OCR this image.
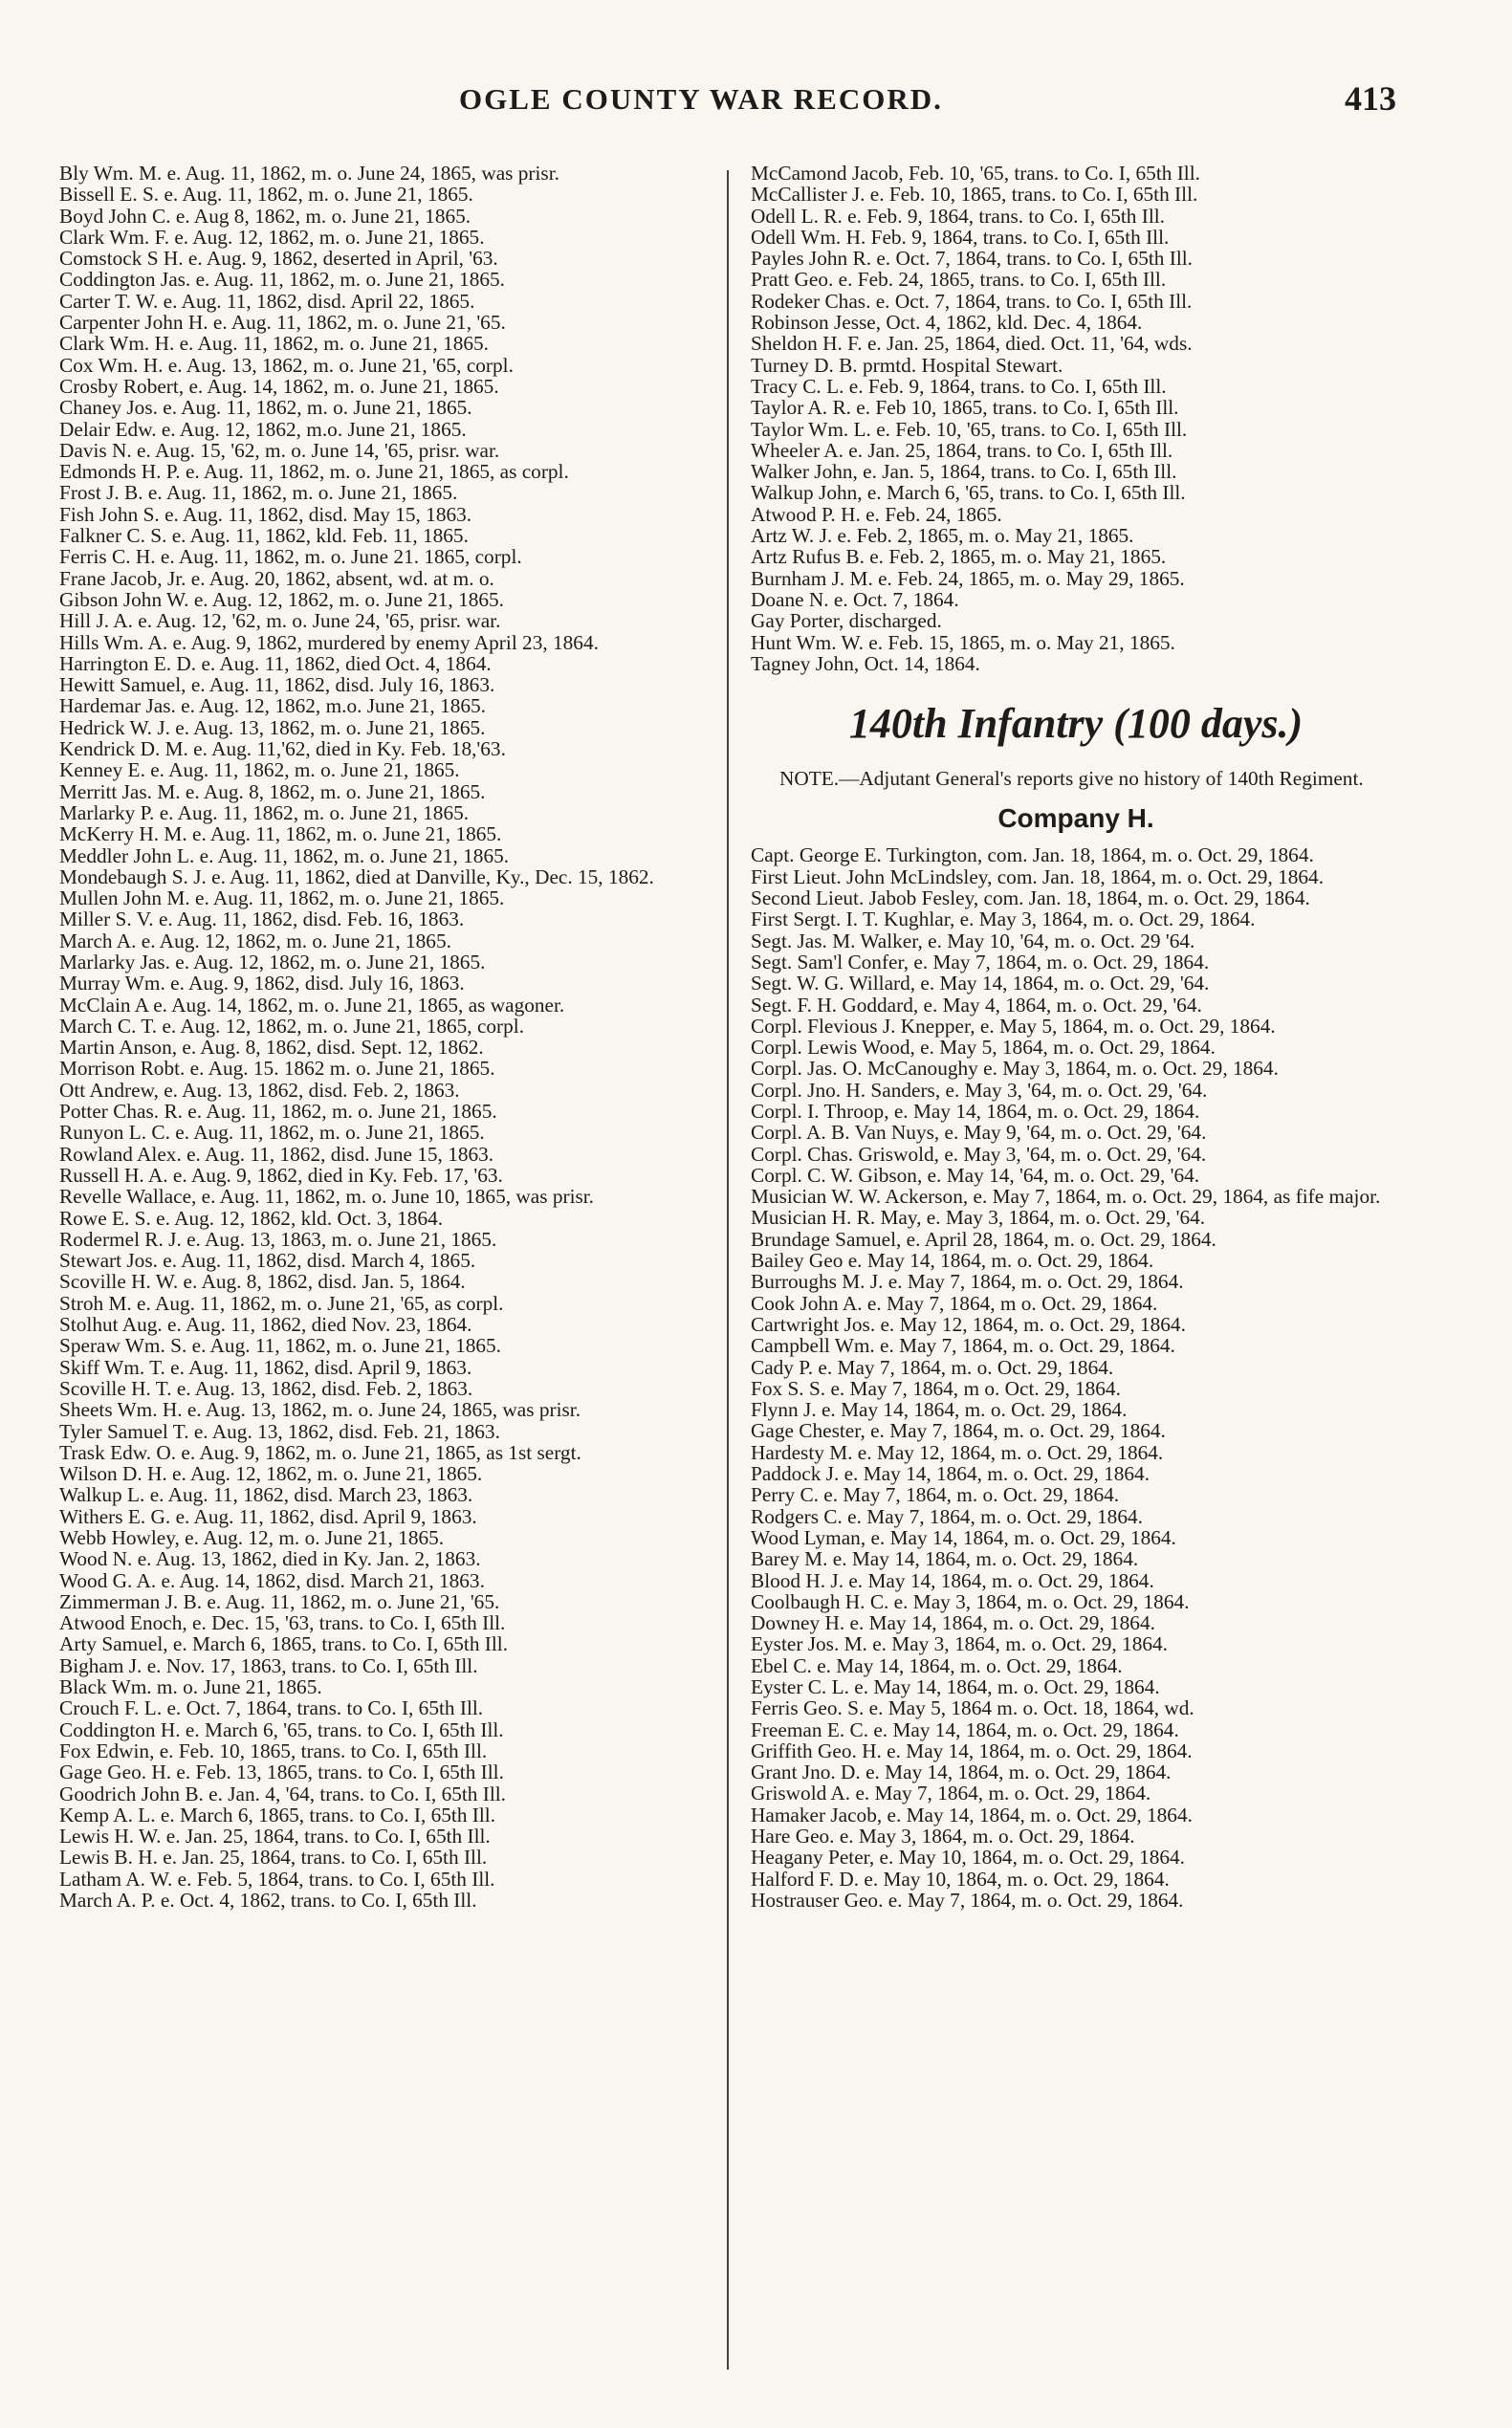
OGLE COUNTY WAR RECORD.	413
Bly Wm. M. e. Aug. 11, 1862, m. o. June 24, 1865, was prisr.
Bissell E. S. e. Aug. 11, 1862, m. o. June 21, 1865.
Boyd John C. e. Aug 8, 1862, m. o. June 21, 1865.
Clark Wm. F. e. Aug. 12, 1862, m. o. June 21, 1865.
Comstock S H. e. Aug. 9, 1862, deserted in April, '63.
Coddington Jas. e. Aug. 11, 1862, m. o. June 21, 1865.
Carter T. W. e. Aug. 11, 1862, disd. April 22, 1865.
Carpenter John H. e. Aug. 11, 1862, m. o. June 21, '65.
Clark Wm. H. e. Aug. 11, 1862, m. o. June 21, 1865.
Cox Wm. H. e. Aug. 13, 1862, m. o. June 21, '65, corpl.
Crosby Robert, e. Aug. 14, 1862, m. o. June 21, 1865.
Chaney Jos. e. Aug. 11, 1862, m. o. June 21, 1865.
Delair Edw. e. Aug. 12, 1862, m.o. June 21, 1865.
Davis N. e. Aug. 15, '62, m. o. June 14, '65, prisr. war.
Edmonds H. P. e. Aug. 11, 1862, m. o. June 21, 1865, as corpl.
Frost J. B. e. Aug. 11, 1862, m. o. June 21, 1865.
Fish John S. e. Aug. 11, 1862, disd. May 15, 1863.
Falkner C. S. e. Aug. 11, 1862, kld. Feb. 11, 1865.
Ferris C. H. e. Aug. 11, 1862, m. o. June 21. 1865, corpl.
Frane Jacob, Jr. e. Aug. 20, 1862, absent, wd. at m. o.
Gibson John W. e. Aug. 12, 1862, m. o. June 21, 1865.
Hill J. A. e. Aug. 12, '62, m. o. June 24, '65, prisr. war.
Hills Wm. A. e. Aug. 9, 1862, murdered by enemy April 23, 1864.
Harrington E. D. e. Aug. 11, 1862, died Oct. 4, 1864.
Hewitt Samuel, e. Aug. 11, 1862, disd. July 16, 1863.
Hardemar Jas. e. Aug. 12, 1862, m.o. June 21, 1865.
Hedrick W. J. e. Aug. 13, 1862, m. o. June 21, 1865.
Kendrick D. M. e. Aug. 11,'62, died in Ky. Feb. 18,'63.
Kenney E. e. Aug. 11, 1862, m. o. June 21, 1865.
Merritt Jas. M. e. Aug. 8, 1862, m. o. June 21, 1865.
Marlarky P. e. Aug. 11, 1862, m. o. June 21, 1865.
McKerry H. M. e. Aug. 11, 1862, m. o. June 21, 1865.
Meddler John L. e. Aug. 11, 1862, m. o. June 21, 1865.
Mondebaugh S. J. e. Aug. 11, 1862, died at Danville, Ky., Dec. 15, 1862.
Mullen John M. e. Aug. 11, 1862, m. o. June 21, 1865.
Miller S. V. e. Aug. 11, 1862, disd. Feb. 16, 1863.
March A. e. Aug. 12, 1862, m. o. June 21, 1865.
Marlarky Jas. e. Aug. 12, 1862, m. o. June 21, 1865.
Murray Wm. e. Aug. 9, 1862, disd. July 16, 1863.
McClain A e. Aug. 14, 1862, m. o. June 21, 1865, as wagoner.
March C. T. e. Aug. 12, 1862, m. o. June 21, 1865, corpl.
Martin Anson, e. Aug. 8, 1862, disd. Sept. 12, 1862.
Morrison Robt. e. Aug. 15. 1862 m. o. June 21, 1865.
Ott Andrew, e. Aug. 13, 1862, disd. Feb. 2, 1863.
Potter Chas. R. e. Aug. 11, 1862, m. o. June 21, 1865.
Runyon L. C. e. Aug. 11, 1862, m. o. June 21, 1865.
Rowland Alex. e. Aug. 11, 1862, disd. June 15, 1863.
Russell H. A. e. Aug. 9, 1862, died in Ky. Feb. 17, '63.
Revelle Wallace, e. Aug. 11, 1862, m. o. June 10, 1865, was prisr.
Rowe E. S. e. Aug. 12, 1862, kld. Oct. 3, 1864.
Rodermel R. J. e. Aug. 13, 1863, m. o. June 21, 1865.
Stewart Jos. e. Aug. 11, 1862, disd. March 4, 1865.
Scoville H. W. e. Aug. 8, 1862, disd. Jan. 5, 1864.
Stroh M. e. Aug. 11, 1862, m. o. June 21, '65, as corpl.
Stolhut Aug. e. Aug. 11, 1862, died Nov. 23, 1864.
Speraw Wm. S. e. Aug. 11, 1862, m. o. June 21, 1865.
Skiff Wm. T. e. Aug. 11, 1862, disd. April 9, 1863.
Scoville H. T. e. Aug. 13, 1862, disd. Feb. 2, 1863.
Sheets Wm. H. e. Aug. 13, 1862, m. o. June 24, 1865, was prisr.
Tyler Samuel T. e. Aug. 13, 1862, disd. Feb. 21, 1863.
Trask Edw. O. e. Aug. 9, 1862, m. o. June 21, 1865, as 1st sergt.
Wilson D. H. e. Aug. 12, 1862, m. o. June 21, 1865.
Walkup L. e. Aug. 11, 1862, disd. March 23, 1863.
Withers E. G. e. Aug. 11, 1862, disd. April 9, 1863.
Webb Howley, e. Aug. 12, m. o. June 21, 1865.
Wood N. e. Aug. 13, 1862, died in Ky. Jan. 2, 1863.
Wood G. A. e. Aug. 14, 1862, disd. March 21, 1863.
Zimmerman J. B. e. Aug. 11, 1862, m. o. June 21, '65.
Atwood Enoch, e. Dec. 15, '63, trans. to Co. I, 65th Ill.
Arty Samuel, e. March 6, 1865, trans. to Co. I, 65th Ill.
Bigham J. e. Nov. 17, 1863, trans. to Co. I, 65th Ill.
Black Wm. m. o. June 21, 1865.
Crouch F. L. e. Oct. 7, 1864, trans. to Co. I, 65th Ill.
Coddington H. e. March 6, '65, trans. to Co. I, 65th Ill.
Fox Edwin, e. Feb. 10, 1865, trans. to Co. I, 65th Ill.
Gage Geo. H. e. Feb. 13, 1865, trans. to Co. I, 65th Ill.
Goodrich John B. e. Jan. 4, '64, trans. to Co. I, 65th Ill.
Kemp A. L. e. March 6, 1865, trans. to Co. I, 65th Ill.
Lewis H. W. e. Jan. 25, 1864, trans. to Co. I, 65th Ill.
Lewis B. H. e. Jan. 25, 1864, trans. to Co. I, 65th Ill.
Latham A. W. e. Feb. 5, 1864, trans. to Co. I, 65th Ill.
March A. P. e. Oct. 4, 1862, trans. to Co. I, 65th Ill.
McCamond Jacob, Feb. 10, '65, trans. to Co. I, 65th Ill.
McCallister J. e. Feb. 10, 1865, trans. to Co. I, 65th Ill.
Odell L. R. e. Feb. 9, 1864, trans. to Co. I, 65th Ill.
Odell Wm. H. Feb. 9, 1864, trans. to Co. I, 65th Ill.
Payles John R. e. Oct. 7, 1864, trans. to Co. I, 65th Ill.
Pratt Geo. e. Feb. 24, 1865, trans. to Co. I, 65th Ill.
Rodeker Chas. e. Oct. 7, 1864, trans. to Co. I, 65th Ill.
Robinson Jesse, Oct. 4, 1862, kld. Dec. 4, 1864.
Sheldon H. F. e. Jan. 25, 1864, died. Oct. 11, '64, wds.
Turney D. B. prmtd. Hospital Stewart.
Tracy C. L. e. Feb. 9, 1864, trans. to Co. I, 65th Ill.
Taylor A. R. e. Feb 10, 1865, trans. to Co. I, 65th Ill.
Taylor Wm. L. e. Feb. 10, '65, trans. to Co. I, 65th Ill.
Wheeler A. e. Jan. 25, 1864, trans. to Co. I, 65th Ill.
Walker John, e. Jan. 5, 1864, trans. to Co. I, 65th Ill.
Walkup John, e. March 6, '65, trans. to Co. I, 65th Ill.
Atwood P. H. e. Feb. 24, 1865.
Artz W. J. e. Feb. 2, 1865, m. o. May 21, 1865.
Artz Rufus B. e. Feb. 2, 1865, m. o. May 21, 1865.
Burnham J. M. e. Feb. 24, 1865, m. o. May 29, 1865.
Doane N. e. Oct. 7, 1864.
Gay Porter, discharged.
Hunt Wm. W. e. Feb. 15, 1865, m. o. May 21, 1865.
Tagney John, Oct. 14, 1864.
140th Infantry (100 days.)
NOTE.—Adjutant General's reports give no history of 140th Regiment.
Company H.
Capt. George E. Turkington, com. Jan. 18, 1864, m. o. Oct. 29, 1864.
First Lieut. John McLindsley, com. Jan. 18, 1864, m. o. Oct. 29, 1864.
Second Lieut. Jabob Fesley, com. Jan. 18, 1864, m. o. Oct. 29, 1864.
First Sergt. I. T. Kughlar, e. May 3, 1864, m. o. Oct. 29, 1864.
Segt. Jas. M. Walker, e. May 10, '64, m. o. Oct. 29 '64.
Segt. Sam'l Confer, e. May 7, 1864, m. o. Oct. 29, 1864.
Segt. W. G. Willard, e. May 14, 1864, m. o. Oct. 29, '64.
Segt. F. H. Goddard, e. May 4, 1864, m. o. Oct. 29, '64.
Corpl. Flevious J. Knepper, e. May 5, 1864, m. o. Oct. 29, 1864.
Corpl. Lewis Wood, e. May 5, 1864, m. o. Oct. 29, 1864.
Corpl. Jas. O. McCanoughy e. May 3, 1864, m. o. Oct. 29, 1864.
Corpl. Jno. H. Sanders, e. May 3, '64, m. o. Oct. 29, '64.
Corpl. I. Throop, e. May 14, 1864, m. o. Oct. 29, 1864.
Corpl. A. B. Van Nuys, e. May 9, '64, m. o. Oct. 29, '64.
Corpl. Chas. Griswold, e. May 3, '64, m. o. Oct. 29, '64.
Corpl. C. W. Gibson, e. May 14, '64, m. o. Oct. 29, '64.
Musician W. W. Ackerson, e. May 7, 1864, m. o. Oct. 29, 1864, as fife major.
Musician H. R. May, e. May 3, 1864, m. o. Oct. 29, '64.
Brundage Samuel, e. April 28, 1864, m. o. Oct. 29, 1864.
Bailey Geo e. May 14, 1864, m. o. Oct. 29, 1864.
Burroughs M. J. e. May 7, 1864, m. o. Oct. 29, 1864.
Cook John A. e. May 7, 1864, m o. Oct. 29, 1864.
Cartwright Jos. e. May 12, 1864, m. o. Oct. 29, 1864.
Campbell Wm. e. May 7, 1864, m. o. Oct. 29, 1864.
Cady P. e. May 7, 1864, m. o. Oct. 29, 1864.
Fox S. S. e. May 7, 1864, m o. Oct. 29, 1864.
Flynn J. e. May 14, 1864, m. o. Oct. 29, 1864.
Gage Chester, e. May 7, 1864, m. o. Oct. 29, 1864.
Hardesty M. e. May 12, 1864, m. o. Oct. 29, 1864.
Paddock J. e. May 14, 1864, m. o. Oct. 29, 1864.
Perry C. e. May 7, 1864, m. o. Oct. 29, 1864.
Rodgers C. e. May 7, 1864, m. o. Oct. 29, 1864.
Wood Lyman, e. May 14, 1864, m. o. Oct. 29, 1864.
Barey M. e. May 14, 1864, m. o. Oct. 29, 1864.
Blood H. J. e. May 14, 1864, m. o. Oct. 29, 1864.
Coolbaugh H. C. e. May 3, 1864, m. o. Oct. 29, 1864.
Downey H. e. May 14, 1864, m. o. Oct. 29, 1864.
Eyster Jos. M. e. May 3, 1864, m. o. Oct. 29, 1864.
Ebel C. e. May 14, 1864, m. o. Oct. 29, 1864.
Eyster C. L. e. May 14, 1864, m. o. Oct. 29, 1864.
Ferris Geo. S. e. May 5, 1864 m. o. Oct. 18, 1864, wd.
Freeman E. C. e. May 14, 1864, m. o. Oct. 29, 1864.
Griffith Geo. H. e. May 14, 1864, m. o. Oct. 29, 1864.
Grant Jno. D. e. May 14, 1864, m. o. Oct. 29, 1864.
Griswold A. e. May 7, 1864, m. o. Oct. 29, 1864.
Hamaker Jacob, e. May 14, 1864, m. o. Oct. 29, 1864.
Hare Geo. e. May 3, 1864, m. o. Oct. 29, 1864.
Heagany Peter, e. May 10, 1864, m. o. Oct. 29, 1864.
Halford F. D. e. May 10, 1864, m. o. Oct. 29, 1864.
Hostrauser Geo. e. May 7, 1864, m. o. Oct. 29, 1864.
